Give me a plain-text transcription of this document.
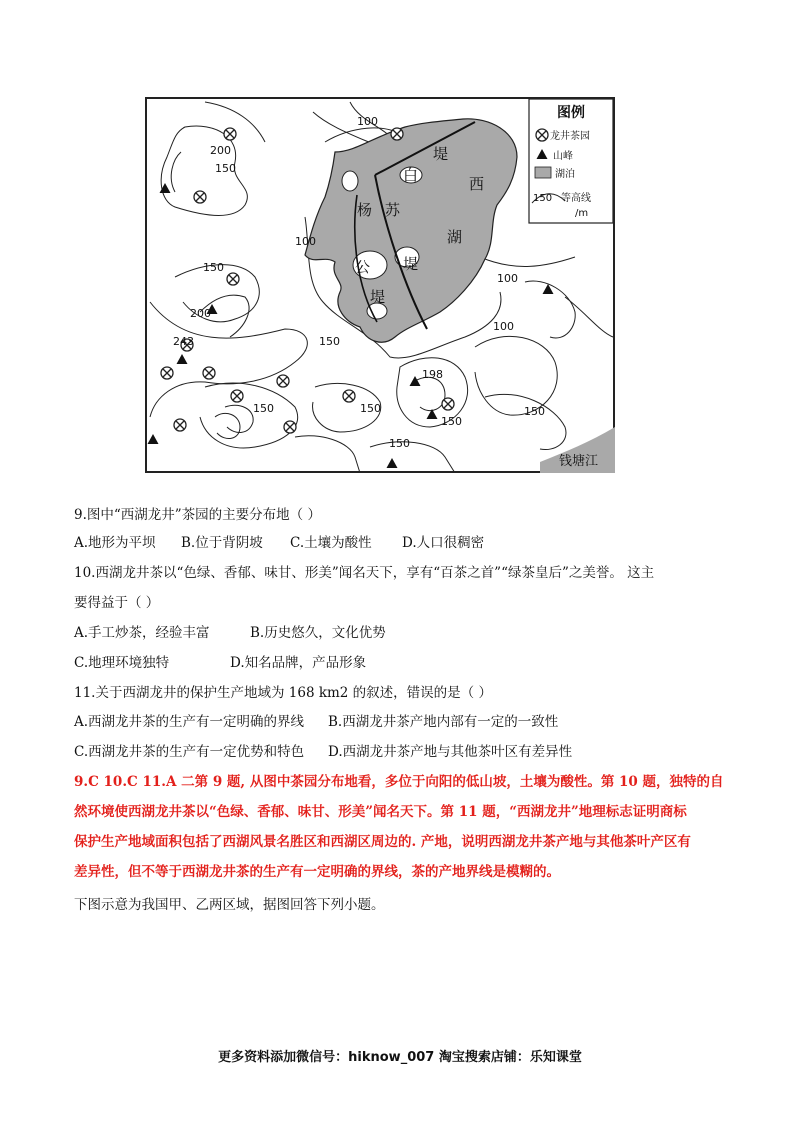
图例
龙井茶园
山峰
湖泊
150 等高线
/m
200
150
100
100
150
200
243	150
100
100
150	150
150
150
150
198
西
湖
白
堤
苏
堤
杨
公
堤
钱塘江
9.图中“西湖龙井”茶园的主要分布地（ ）
A.地形为平坝 B.位于背阴坡 C.土壤为酸性 D.人口很稠密
10.西湖龙井茶以“色绿、香郁、味甘、形美”闻名天下，享有“百茶之首”“绿茶皇后”之美誉。 这主
要得益于（ ）
A.手工炒茶，经验丰富	B.历史悠久，文化优势
C.地理环境独特	D.知名品牌，产品形象
11.关于西湖龙井的保护生产地域为 168 km2 的叙述，错误的是（ ）
A.西湖龙井茶的生产有一定明确的界线 B.西湖龙井茶产地内部有一定的一致性
C.西湖龙井茶的生产有一定优势和特色 D.西湖龙井茶产地与其他茶叶区有差异性
9.C 10.C 11.A 二第 9 题, 从图中茶园分布地看，多位于向阳的低山坡，土壤为酸性。第 10 题，独特的自
然环境使西湖龙井茶以“色绿、香郁、味甘、形美”闻名天下。第 11 题，“西湖龙井”地理标志证明商标
保护生产地域面积包括了西湖风景名胜区和西湖区周边的. 产地，说明西湖龙井茶产地与其他茶叶产区有
差异性，但不等于西湖龙井茶的生产有一定明确的界线，茶的产地界线是模糊的。
下图示意为我国甲、乙两区域，据图回答下列小题。
更多资料添加微信号：hiknow_007 淘宝搜索店铺：乐知课堂
